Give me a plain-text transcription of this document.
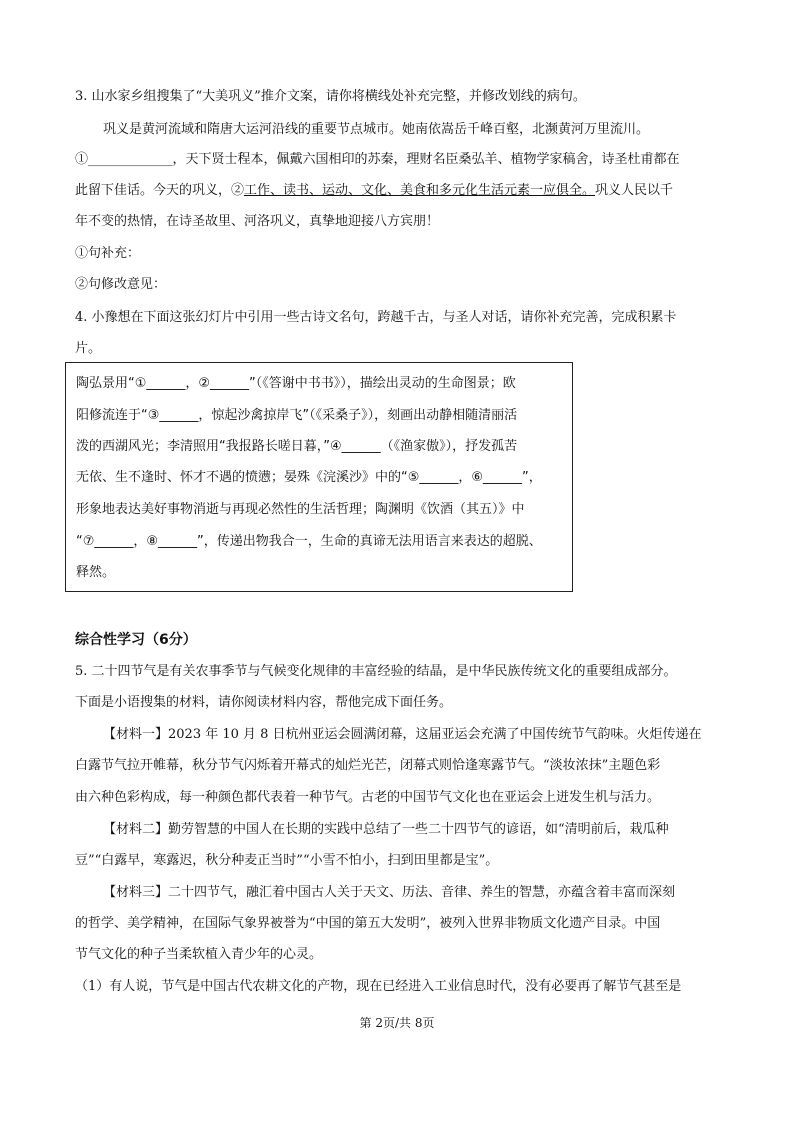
3. 山水家乡组搜集了“大美巩义”推介文案，请你将横线处补充完整，并修改划线的病句。
巩义是黄河流域和隋唐大运河沿线的重要节点城市。她南依嵩岳千峰百壑，北濒黄河万里流川。
①_____________，天下贤士程本，佩戴六国相印的苏秦，理财名臣桑弘羊、植物学家稿舍，诗圣杜甫都在
此留下佳话。今天的巩义，②工作、读书、运动、文化、美食和多元化生活元素一应俱全。巩义人民以千
年不变的热情，在诗圣故里、河洛巩义，真挚地迎接八方宾朋！
①句补充：
②句修改意见：
4. 小豫想在下面这张幻灯片中引用一些古诗文名句，跨越千古，与圣人对话，请你补充完善，完成积累卡
片。
陶弘景用“①______，②______”（《答谢中书书》），描绘出灵动的生命图景；欧
阳修流连于“③______，惊起沙禽掠岸飞”（《采桑子》），刻画出动静相随清丽活
泼的西湖风光；李清照用“我报路长嗟日暮，”④______（《渔家傲》），抒发孤苦
无依、生不逢时、怀才不遇的愤懑；晏殊《浣溪沙》中的“⑤______，⑥______”，
形象地表达美好事物消逝与再现必然性的生活哲理；陶渊明《饮酒（其五）》中
“⑦______，⑧______”，传递出物我合一，生命的真谛无法用语言来表达的超脱、
释然。
综合性学习（6分）
5. 二十四节气是有关农事季节与气候变化规律的丰富经验的结晶，是中华民族传统文化的重要组成部分。
下面是小语搜集的材料，请你阅读材料内容，帮他完成下面任务。
【材料一】2023 年 10 月 8 日杭州亚运会圆满闭幕，这届亚运会充满了中国传统节气韵味。火炬传递在
白露节气拉开帷幕，秋分节气闪烁着开幕式的灿烂光芒，闭幕式则恰逢寒露节气。“淡妆浓抹”主题色彩
由六种色彩构成，每一种颜色都代表着一种节气。古老的中国节气文化也在亚运会上迸发生机与活力。
【材料二】勤劳智慧的中国人在长期的实践中总结了一些二十四节气的谚语，如“清明前后，栽瓜种
豆”“白露早，寒露迟，秋分种麦正当时”“小雪不怕小，扫到田里都是宝”。
【材料三】二十四节气，融汇着中国古人关于天文、历法、音律、养生的智慧，亦蕴含着丰富而深刻
的哲学、美学精神，在国际气象界被誉为“中国的第五大发明”，被列入世界非物质文化遗产目录。中国
节气文化的种子当柔软植入青少年的心灵。
（1）有人说，节气是中国古代农耕文化的产物，现在已经进入工业信息时代，没有必要再了解节气甚至是
第 2页/共 8页
